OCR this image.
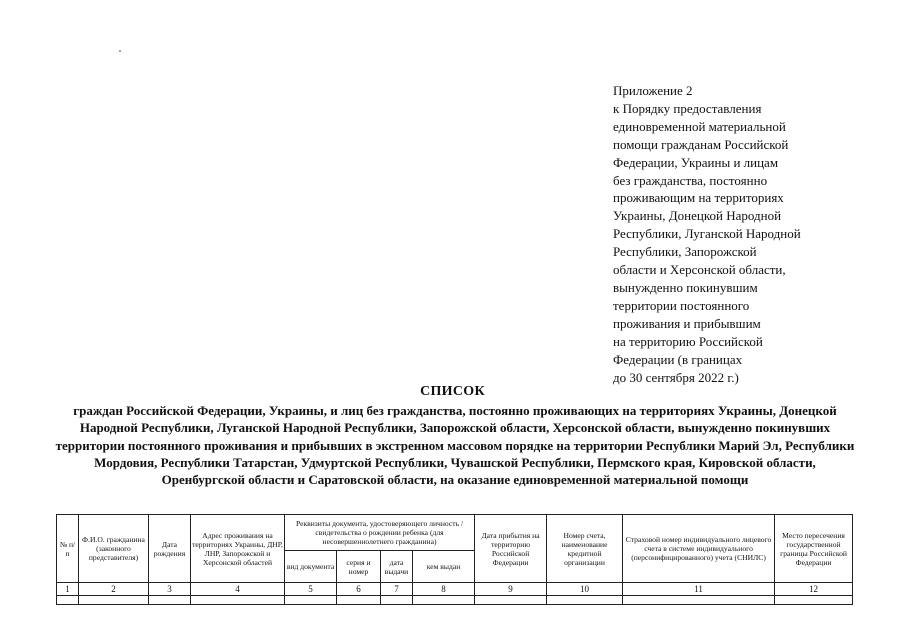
Приложение 2
к Порядку предоставления
единовременной материальной
помощи гражданам Российской
Федерации, Украины и лицам
без гражданства, постоянно
проживающим на территориях
Украины, Донецкой Народной
Республики, Луганской Народной
Республики, Запорожской
области и Херсонской области,
вынужденно покинувшим
территории постоянного
проживания и прибывшим
на территорию Российской
Федерации (в границах
до 30 сентября 2022 г.)
СПИСОК
граждан Российской Федерации, Украины, и лиц без гражданства, постоянно проживающих на территориях Украины, Донецкой Народной Республики, Луганской Народной Республики, Запорожской области, Херсонской области, вынужденно покинувших территории постоянного проживания и прибывших в экстренном массовом порядке на территории Республики Марий Эл, Республики Мордовия, Республики Татарстан, Удмуртской Республики, Чувашской Республики, Пермского края, Кировской области, Оренбургской области и Саратовской области, на оказание единовременной материальной помощи
№ п/п	Ф.И.О. гражданина (законного представителя)	Дата рождения	Адрес проживания на территориях Украины, ДНР, ЛНР, Запорожской и Херсонской областей	Реквизиты документа, удостоверяющего личность / свидетельства о рождении ребенка (для несовершеннолетнего гражданина)				Дата прибытия на территорию Российской Федерации	Номер счета, наименование кредитной организации	Страховой номер индивидуального лицевого счета в системе индивидуального (персонифицированного) учета (СНИЛС)	Место пересечения государственной границы Российской Федерации
				вид документа	серия и номер	дата выдачи	кем выдан				
1	2	3	4	5	6	7	8	9	10	11	12
